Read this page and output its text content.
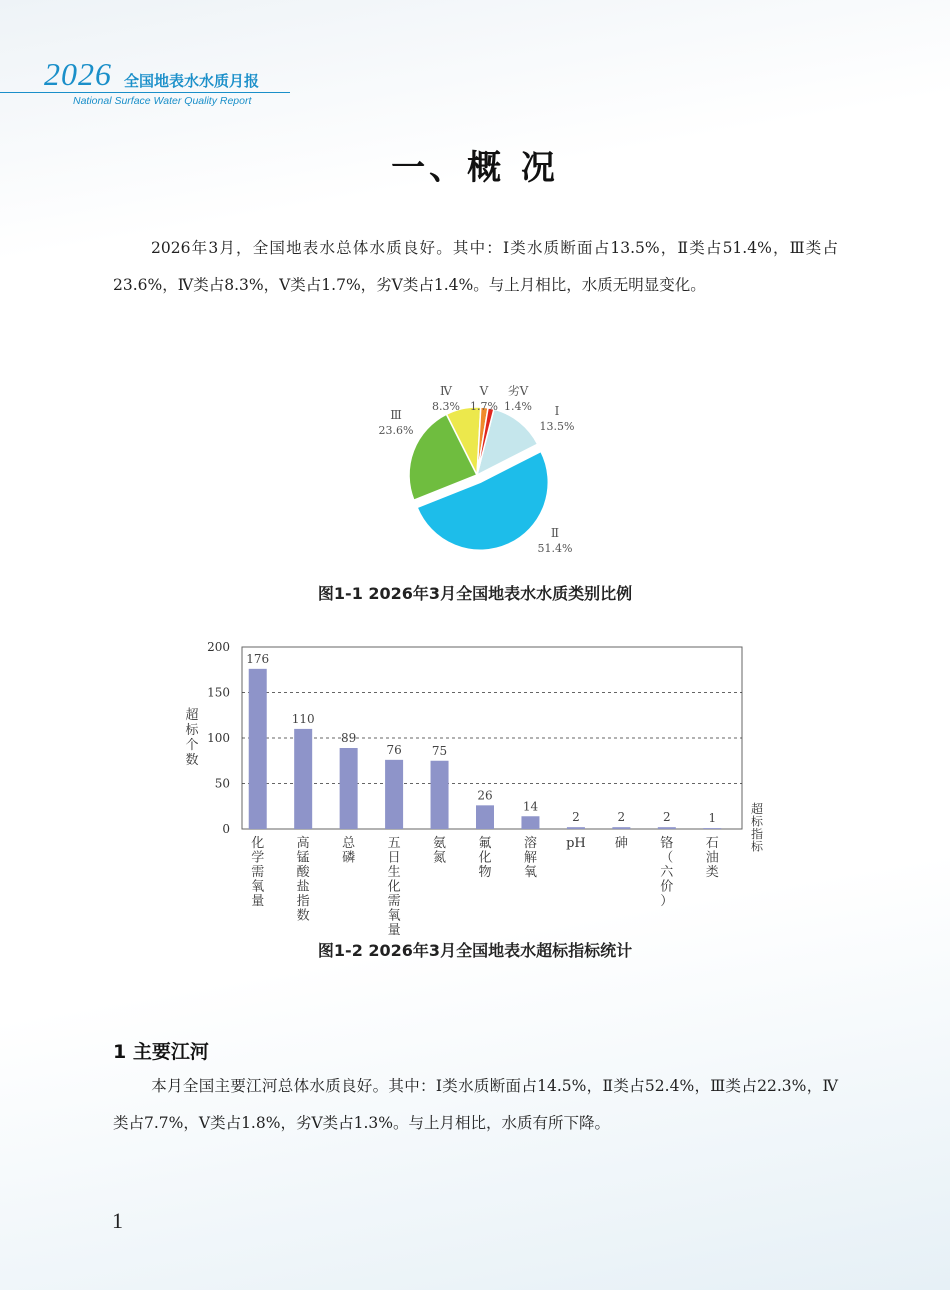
2026 全国地表水水质月报
National Surface Water Quality Report
一、概 况
2026年3月，全国地表水总体水质良好。其中：Ⅰ类水质断面占13.5%，Ⅱ类占51.4%，Ⅲ类占23.6%，Ⅳ类占8.3%，Ⅴ类占1.7%，劣Ⅴ类占1.4%。与上月相比，水质无明显变化。
Ⅰ
13.5%
Ⅱ
51.4%
Ⅲ
23.6%
Ⅳ
8.3%
Ⅴ
1.7%
劣Ⅴ
1.4%
图1-1 2026年3月全国地表水水质类别比例
0
50
100
150
200
176
化学需氧量
110
高锰酸盐指数
89
总磷
76
五日生化需氧量
75
氨氮
26
氟化物
14
溶解氧
2
pH
2
砷
2
铬（六价）
1
石油类
超标个数
超标指标
图1-2 2026年3月全国地表水超标指标统计
1 主要江河
本月全国主要江河总体水质良好。其中：Ⅰ类水质断面占14.5%，Ⅱ类占52.4%，Ⅲ类占22.3%，Ⅳ类占7.7%，Ⅴ类占1.8%，劣Ⅴ类占1.3%。与上月相比，水质有所下降。
1
